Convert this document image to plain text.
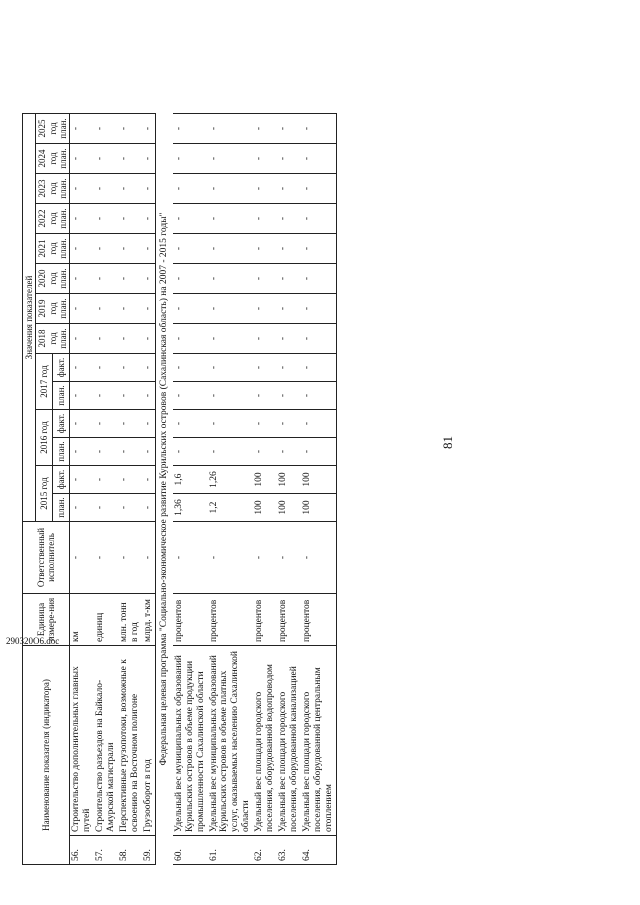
81
Наименование показателя (индикатора)		Единица измере-ния	Ответственный исполнитель	Значения показателей													
				2015 год		2016 год		2017 год		2018 год план.	2019 год план.	2020 год план.	2021 год план.	2022 год план.	2023 год план.	2024 год план.	2025 год план.
				план.	факт.	план.	факт.	план.	факт.								
56.	Строительство дополнительных главных путей	км	-	-	-	-	-	-	-	-	-	-	-	-	-	-	-
57.	Строительство разъездов на Байкало-Амурской магистрали	единиц	-	-	-	-	-	-	-	-	-	-	-	-	-	-	-
58.	Перспективные грузопотоки, возможные к освоению на Восточном полигоне	млн. тонн в год	-	-	-	-	-	-	-	-	-	-	-	-	-	-	-
59.	Грузооборот в год	млрд. т-км	-	-	-	-	-	-	-	-	-	-	-	-	-	-	-
Федеральная целевая программа "Социально-экономическое развитие Курильских островов (Сахалинская область) на 2007 - 2015 годы"																	
60.	Удельный вес муниципальных образований Курильских островов в объеме продукции промышленности Сахалинской области	процентов	-	1,36	1,6	-	-	-	-	-	-	-	-	-	-	-	-
61.	Удельный вес муниципальных образований Курильских островов в объеме платных услуг, оказываемых населению Сахалинской области	процентов	-	1,2	1,26	-	-	-	-	-	-	-	-	-	-	-	-
62.	Удельный вес площади городского поселения, оборудованной водопроводом	процентов	-	100	100	-	-	-	-	-	-	-	-	-	-	-	-
63.	Удельный вес площади городского поселения, оборудованной канализацией	процентов	-	100	100	-	-	-	-	-	-	-	-	-	-	-	-
64.	Удельный вес площади городского поселения, оборудованной центральным отоплением	процентов	-	100	100	-	-	-	-	-	-	-	-	-	-	-	-
290320О6.doc
